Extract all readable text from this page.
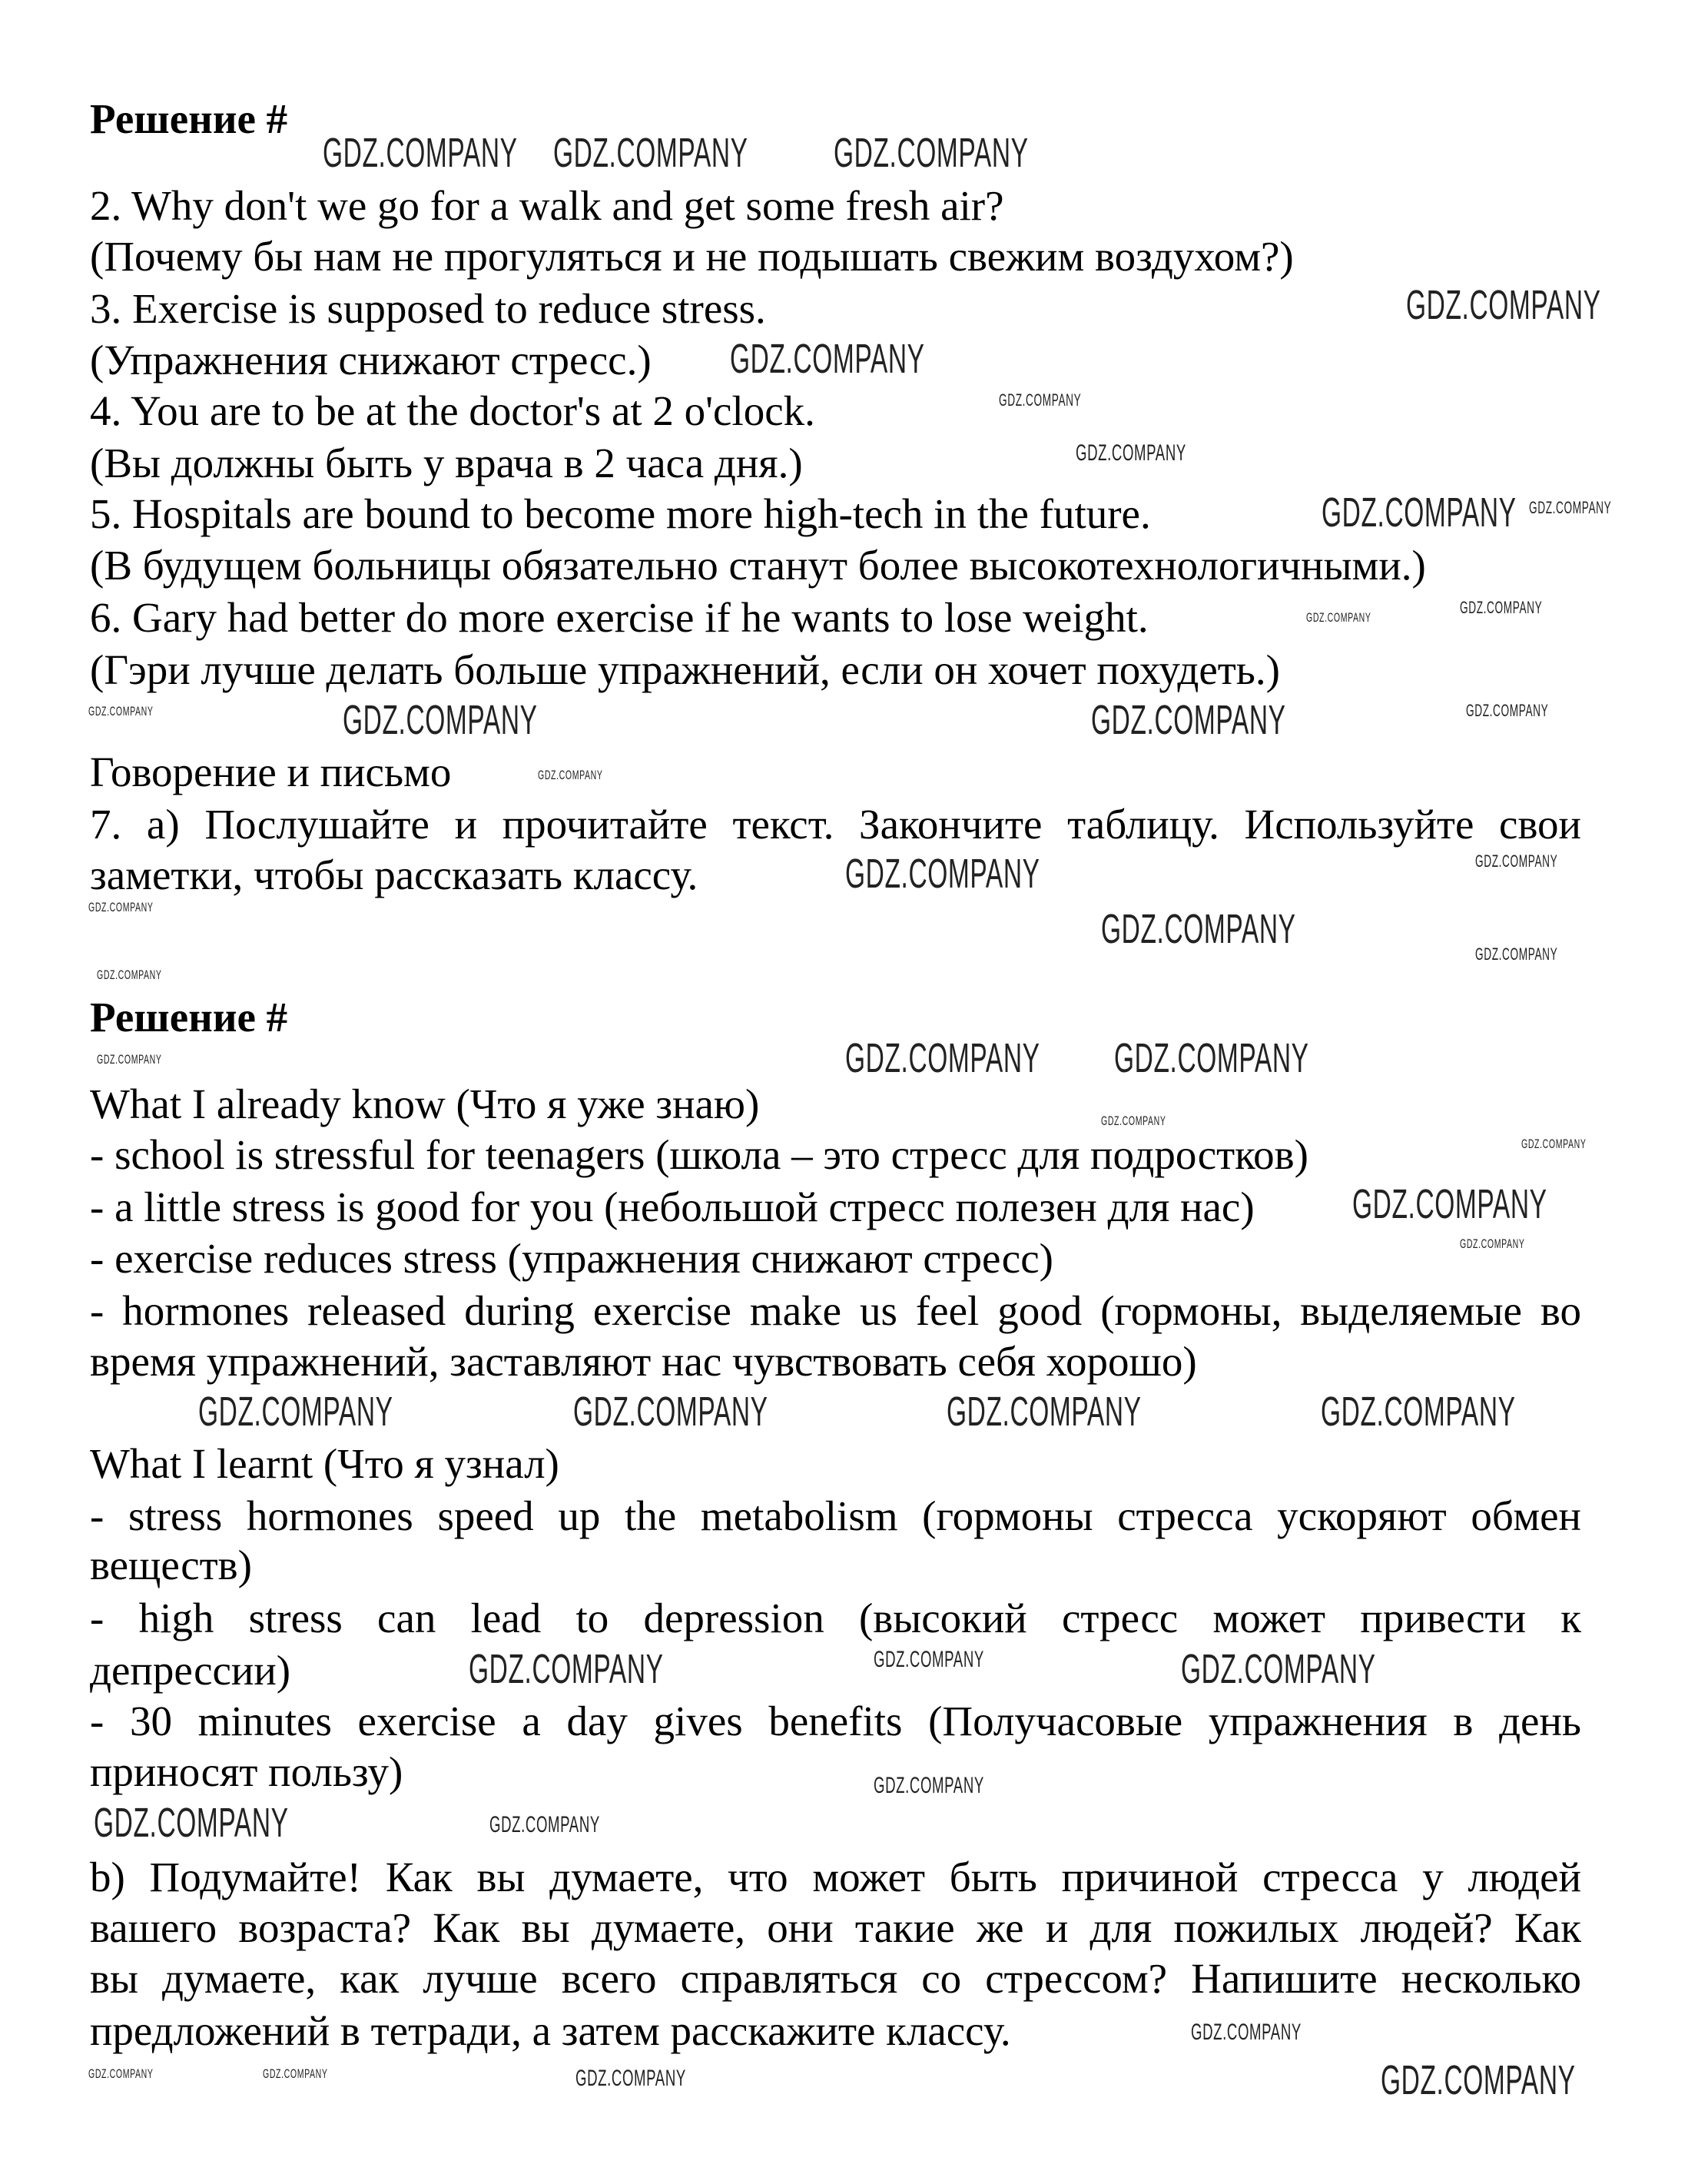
Решение #
2. Why don't we go for a walk and get some fresh air?
(Почему бы нам не прогуляться и не подышать свежим воздухом?)
3. Exercise is supposed to reduce stress.
(Упражнения снижают стресс.)
4. You are to be at the doctor's at 2 o'clock.
(Вы должны быть у врача в 2 часа дня.)
5. Hospitals are bound to become more high-tech in the future.
(В будущем больницы обязательно станут более высокотехнологичными.)
6. Gary had better do more exercise if he wants to lose weight.
(Гэри лучше делать больше упражнений, если он хочет похудеть.)
Говорение и письмо
7. a) Послушайте и прочитайте текст. Закончите таблицу. Используйте свои
заметки, чтобы рассказать классу.
Решение #
What I already know (Что я уже знаю)
- school is stressful for teenagers (школа – это стресс для подростков)
- a little stress is good for you (небольшой стресс полезен для нас)
- exercise reduces stress (упражнения снижают стресс)
- hormones released during exercise make us feel good (гормоны, выделяемые во
время упражнений, заставляют нас чувствовать себя хорошо)
What I learnt (Что я узнал)
- stress hormones speed up the metabolism (гормоны стресса ускоряют обмен
веществ)
- high stress can lead to depression (высокий стресс может привести к
депрессии)
- 30 minutes exercise a day gives benefits (Получасовые упражнения в день
приносят пользу)
b) Подумайте! Как вы думаете, что может быть причиной стресса у людей
вашего возраста? Как вы думаете, они такие же и для пожилых людей? Как
вы думаете, как лучше всего справляться со стрессом? Напишите несколько
предложений в тетради, а затем расскажите классу.
GDZ.COMPANY GDZ.COMPANY GDZ.COMPANY
GDZ.COMPANY
GDZ.COMPANY
GDZ.COMPANY
GDZ.COMPANY	GDZ.COMPANY
GDZ.COMPANY
GDZ.COMPANY
GDZ.COMPANY GDZ.COMPANY
GDZ.COMPANY
GDZ.COMPANY	GDZ.COMPANY	GDZ.COMPANY	GDZ.COMPANY
GDZ.COMPANY	GDZ.COMPANY
GDZ.COMPANY
GDZ.COMPANY
GDZ.COMPANY
GDZ.COMPANY
GDZ.COMPANY
GDZ.COMPANY
GDZ.COMPANY
GDZ.COMPANY
GDZ.COMPANY
GDZ.COMPANY
GDZ.COMPANY
GDZ.COMPANY
GDZ.COMPANY
GDZ.COMPANY
GDZ.COMPANY
GDZ.COMPANY
GDZ.COMPANY
GDZ.COMPANY
GDZ.COMPANY
GDZ.COMPANY
GDZ.COMPANY
GDZ.COMPANY
GDZ.COMPANY
GDZ.COMPANY	GDZ.COMPANY
